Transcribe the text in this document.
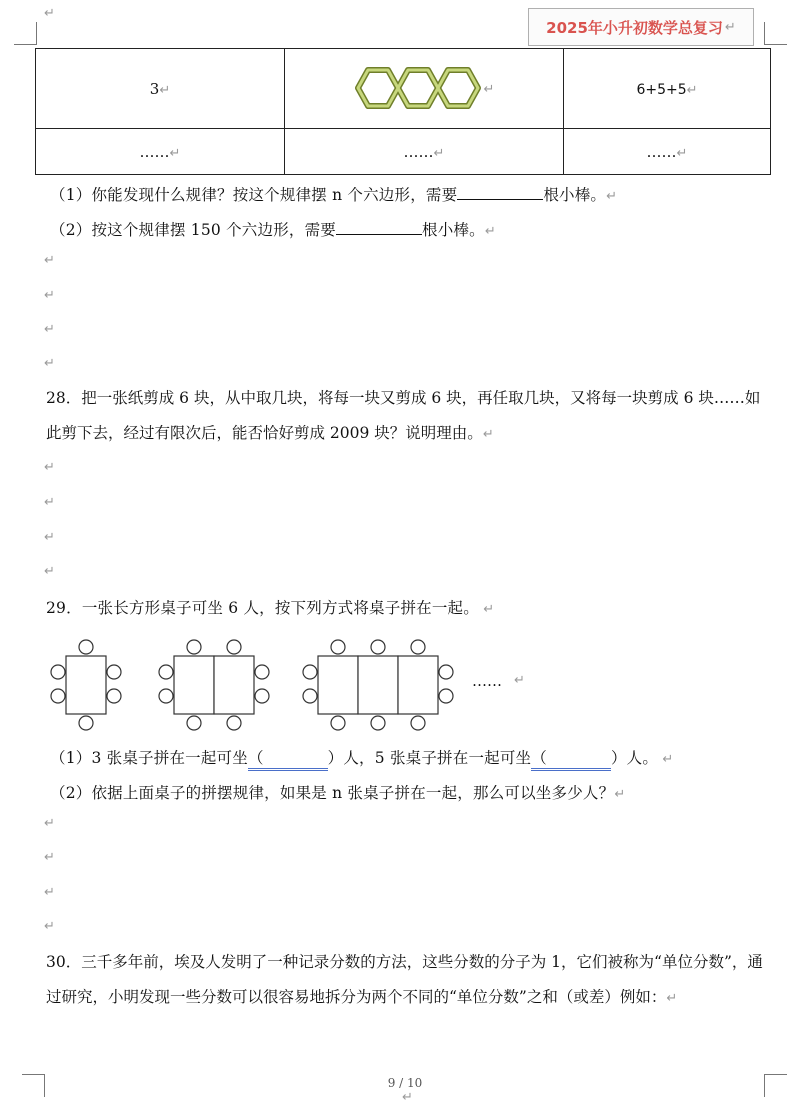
↵
2025年小升初数学总复习 ↵
3↵	↵	6+5+5↵
……↵	……↵	……↵
（1）你能发现什么规律？按这个规律摆 n 个六边形，需要	根小棒。↵
（2）按这个规律摆 150 个六边形，需要	根小棒。↵
↵
↵
↵
↵
28．把一张纸剪成 6 块，从中取几块，将每一块又剪成 6 块，再任取几块，又将每一块剪成 6 块……如此剪下去，经过有限次后，能否恰好剪成 2009 块？说明理由。↵
↵
↵
↵
↵
29．一张长方形桌子可坐 6 人，按下列方式将桌子拼在一起。 ↵
…… ↵
（1）3 张桌子拼在一起可坐（	）人，5 张桌子拼在一起可坐（	）人。 ↵
（2）依据上面桌子的拼摆规律，如果是 n 张桌子拼在一起，那么可以坐多少人？↵
↵
↵
↵
↵
30．三千多年前，埃及人发明了一种记录分数的方法，这些分数的分子为 1，它们被称为“单位分数”，通过研究，小明发现一些分数可以很容易地拆分为两个不同的“单位分数”之和（或差）例如：↵
9 / 10
↵
